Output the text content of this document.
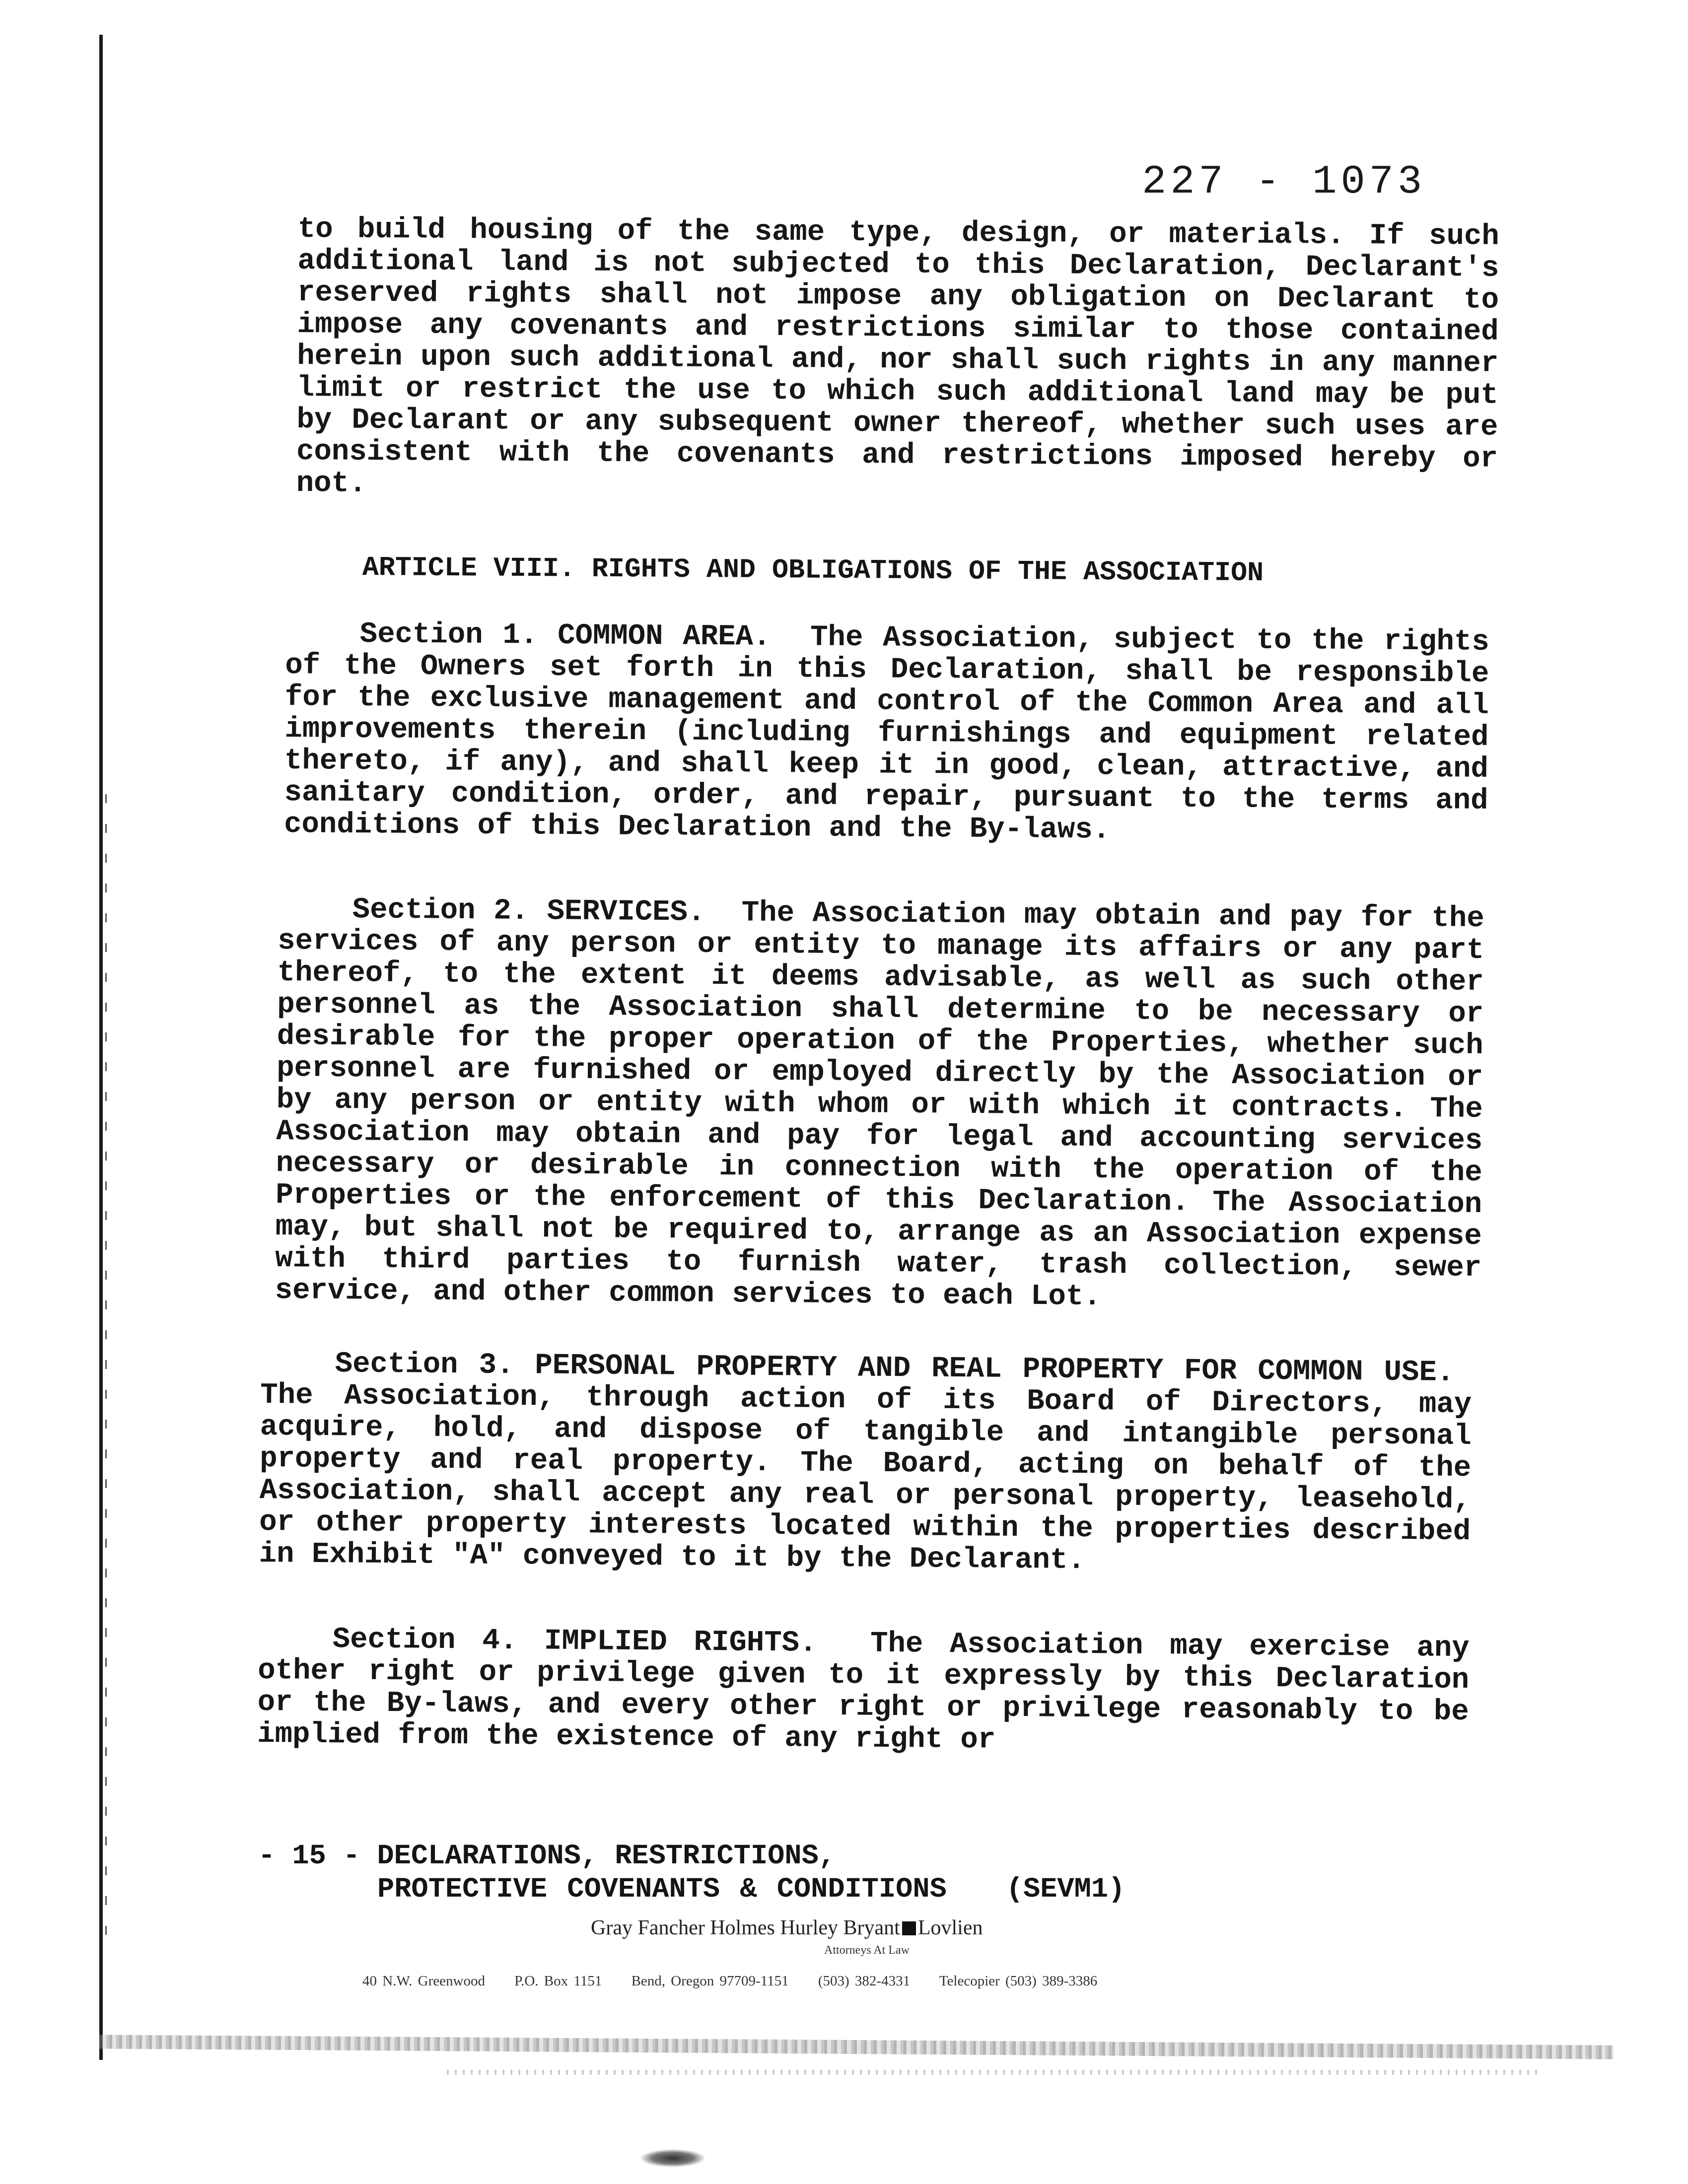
227 - 1073

to build housing of the same type, design, or materials. If such additional land is not subjected to this Declaration, Declarant's reserved rights shall not impose any obligation on Declarant to impose any covenants and restrictions similar to those contained herein upon such additional and, nor shall such rights in any manner limit or restrict the use to which such additional land may be put by Declarant or any subsequent owner thereof, whether such uses are consistent with the covenants and restrictions imposed hereby or not.

ARTICLE VIII. RIGHTS AND OBLIGATIONS OF THE ASSOCIATION

Section 1. COMMON AREA. The Association, subject to the rights of the Owners set forth in this Declaration, shall be responsible for the exclusive management and control of the Common Area and all improvements therein (including furnishings and equipment related thereto, if any), and shall keep it in good, clean, attractive, and sanitary condition, order, and repair, pursuant to the terms and conditions of this Declaration and the By-laws.

Section 2. SERVICES. The Association may obtain and pay for the services of any person or entity to manage its affairs or any part thereof, to the extent it deems advisable, as well as such other personnel as the Association shall determine to be necessary or desirable for the proper operation of the Properties, whether such personnel are furnished or employed directly by the Association or by any person or entity with whom or with which it contracts. The Association may obtain and pay for legal and accounting services necessary or desirable in connection with the operation of the Properties or the enforcement of this Declaration. The Association may, but shall not be required to, arrange as an Association expense with third parties to furnish water, trash collection, sewer service, and other common services to each Lot.

Section 3. PERSONAL PROPERTY AND REAL PROPERTY FOR COMMON USE.  The Association, through action of its Board of Directors, may acquire, hold, and dispose of tangible and intangible personal property and real property. The Board, acting on behalf of the Association, shall accept any real or personal property, leasehold, or other property interests located within the properties described in Exhibit "A" conveyed to it by the Declarant.

Section 4. IMPLIED RIGHTS. The Association may exercise any other right or privilege given to it expressly by this Declaration or the By-laws, and every other right or privilege reasonably to be implied from the existence of any right or

- 15 - DECLARATIONS, RESTRICTIONS,
PROTECTIVE COVENANTS & CONDITIONS (SEVM1)
Gray Fancher Holmes Hurley Bryant Lovlien
Attorneys At Law
40 N.W. Greenwood P.O. Box 1151 Bend, Oregon 97709-1151 (503) 382-4331 Telecopier (503) 389-3386
